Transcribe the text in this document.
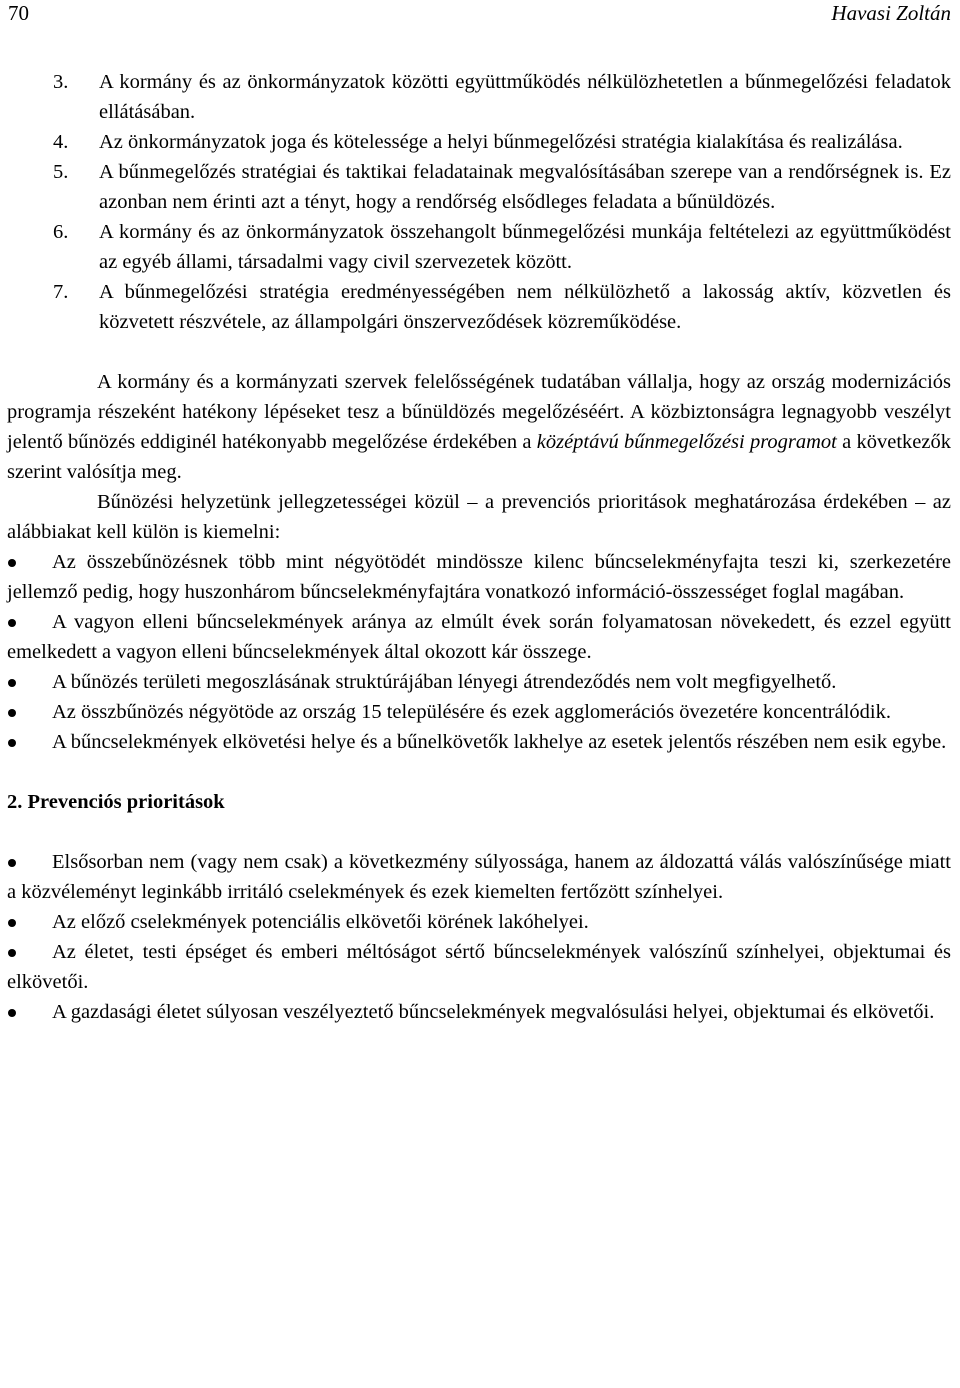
70	Havasi Zoltán
3. A kormány és az önkormányzatok közötti együttműködés nélkülözhetetlen a bűnmegelőzési feladatok ellátásában.
4. Az önkormányzatok joga és kötelessége a helyi bűnmegelőzési stratégia kialakítása és realizálása.
5. A bűnmegelőzés stratégiai és taktikai feladatainak megvalósításában szerepe van a rendőrségnek is. Ez azonban nem érinti azt a tényt, hogy a rendőrség elsődleges feladata a bűnüldözés.
6. A kormány és az önkormányzatok összehangolt bűnmegelőzési munkája feltételezi az együttműködést az egyéb állami, társadalmi vagy civil szervezetek között.
7. A bűnmegelőzési stratégia eredményességében nem nélkülözhető a lakosság aktív, közvetlen és közvetett részvétele, az állampolgári önszerveződések közreműködése.

A kormány és a kormányzati szervek felelősségének tudatában vállalja, hogy az ország modernizációs programja részeként hatékony lépéseket tesz a bűnüldözés megelőzéséért. A közbiztonságra legnagyobb veszélyt jelentő bűnözés eddiginél hatékonyabb megelőzése érdekében a középtávú bűnmegelőzési programot a következők szerint valósítja meg.

Bűnözési helyzetünk jellegzetességei közül – a prevenciós prioritások meghatározása érdekében – az alábbiakat kell külön is kiemelni:

Az összebűnözésnek több mint négyötödét mindössze kilenc bűncselekményfajta teszi ki, szerkezetére jellemző pedig, hogy huszonhárom bűncselekményfajtára vonatkozó információ-összességet foglal magában.
A vagyon elleni bűncselekmények aránya az elmúlt évek során folyamatosan növekedett, és ezzel együtt emelkedett a vagyon elleni bűncselekmények által okozott kár összege.
A bűnözés területi megoszlásának struktúrájában lényegi átrendeződés nem volt megfigyelhető.
Az összbűnözés négyötöde az ország 15 településére és ezek agglomerációs övezetére koncentrálódik.
A bűncselekmények elkövetési helye és a bűnelkövetők lakhelye az esetek jelentős részében nem esik egybe.
2. Prevenciós prioritások
Elsősorban nem (vagy nem csak) a következmény súlyossága, hanem az áldozattá válás valószínűsége miatt a közvéleményt leginkább irritáló cselekmények és ezek kiemelten fertőzött színhelyei.
Az előző cselekmények potenciális elkövetői körének lakóhelyei.
Az életet, testi épséget és emberi méltóságot sértő bűncselekmények valószínű színhelyei, objektumai és elkövetői.
A gazdasági életet súlyosan veszélyeztető bűncselekmények megvalósulási helyei, objektumai és elkövetői.
